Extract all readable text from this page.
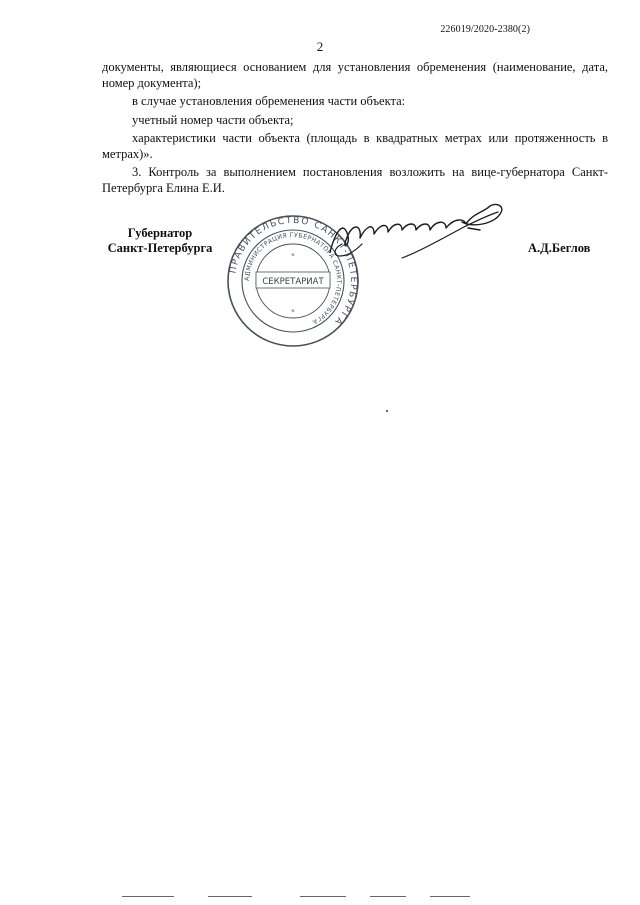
226019/2020-2380(2)
2

документы, являющиеся основанием для установления обременения (наименование, дата, номер документа);

в случае установления обременения части объекта:

учетный номер части объекта;

характеристики части объекта (площадь в квадратных метрах или протяженность в метрах)».

3. Контроль за выполнением постановления возложить на вице-губернатора Санкт-Петербурга Елина Е.И.

Губернатор
Санкт-Петербурга
ПРАВИТЕЛЬСТВО САНКТ-ПЕТЕРБУРГА
АДМИНИСТРАЦИЯ ГУБЕРНАТОРА САНКТ-ПЕТЕРБУРГА
СЕКРЕТАРИАТ
*
*
А.Д.Беглов
